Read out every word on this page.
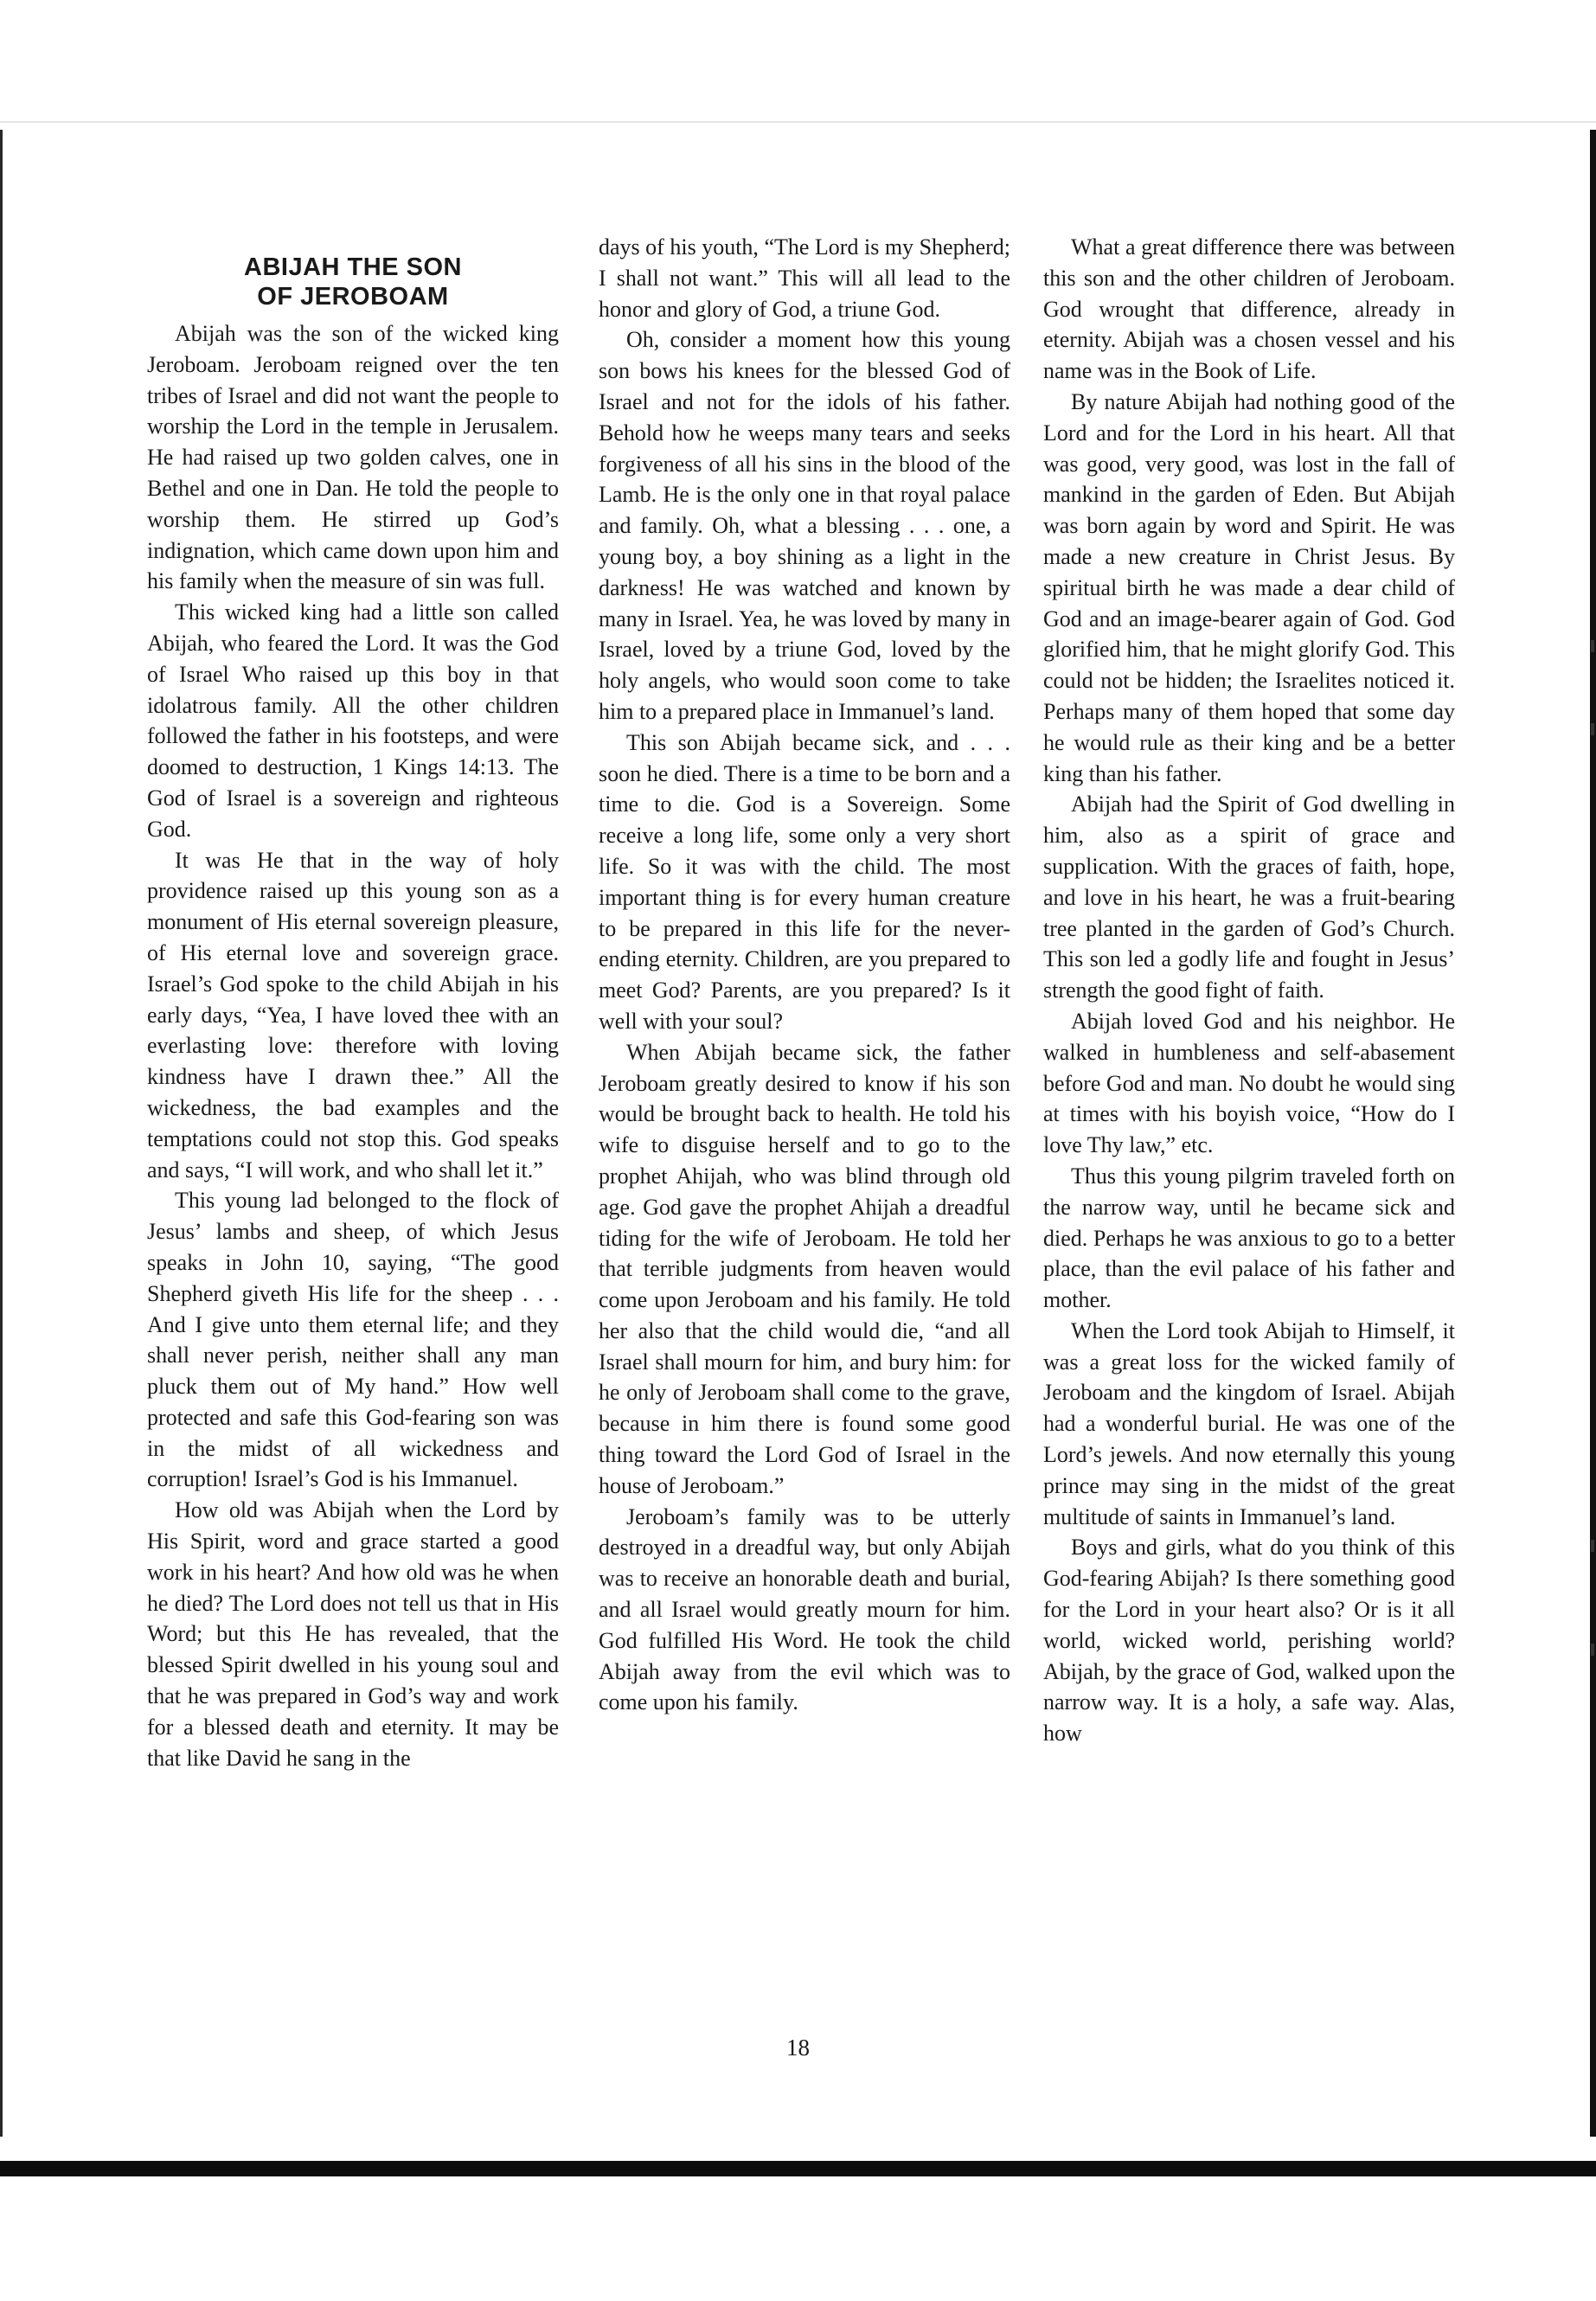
ABIJAH THE SON
OF JEROBOAM

Abijah was the son of the wicked king Jeroboam. Jeroboam reigned over the ten tribes of Israel and did not want the people to worship the Lord in the temple in Jerusalem. He had raised up two golden calves, one in Bethel and one in Dan. He told the people to worship them. He stirred up God’s indignation, which came down upon him and his family when the measure of sin was full.

This wicked king had a little son called Abijah, who feared the Lord. It was the God of Israel Who raised up this boy in that idolatrous family. All the other children followed the father in his footsteps, and were doomed to destruction, 1 Kings 14:13. The God of Israel is a sovereign and righteous God.

It was He that in the way of holy providence raised up this young son as a monument of His eternal sovereign pleasure, of His eternal love and sovereign grace. Israel’s God spoke to the child Abijah in his early days, “Yea, I have loved thee with an everlasting love: therefore with loving kindness have I drawn thee.” All the wickedness, the bad examples and the temptations could not stop this. God speaks and says, “I will work, and who shall let it.”

This young lad belonged to the flock of Jesus’ lambs and sheep, of which Jesus speaks in John 10, saying, “The good Shepherd giveth His life for the sheep . . . And I give unto them eternal life; and they shall never perish, neither shall any man pluck them out of My hand.” How well protected and safe this God-fearing son was in the midst of all wickedness and corruption! Israel’s God is his Immanuel.

How old was Abijah when the Lord by His Spirit, word and grace started a good work in his heart? And how old was he when he died? The Lord does not tell us that in His Word; but this He has revealed, that the blessed Spirit dwelled in his young soul and that he was prepared in God’s way and work for a blessed death and eternity. It may be that like David he sang in the

days of his youth, “The Lord is my Shepherd; I shall not want.” This will all lead to the honor and glory of God, a triune God.

Oh, consider a moment how this young son bows his knees for the blessed God of Israel and not for the idols of his father. Behold how he weeps many tears and seeks forgiveness of all his sins in the blood of the Lamb. He is the only one in that royal palace and family. Oh, what a blessing . . . one, a young boy, a boy shining as a light in the darkness! He was watched and known by many in Israel. Yea, he was loved by many in Israel, loved by a triune God, loved by the holy angels, who would soon come to take him to a prepared place in Immanuel’s land.

This son Abijah became sick, and . . . soon he died. There is a time to be born and a time to die. God is a Sovereign. Some receive a long life, some only a very short life. So it was with the child. The most important thing is for every human creature to be prepared in this life for the never-ending eternity. Children, are you prepared to meet God? Parents, are you prepared? Is it well with your soul?

When Abijah became sick, the father Jeroboam greatly desired to know if his son would be brought back to health. He told his wife to disguise herself and to go to the prophet Ahijah, who was blind through old age. God gave the prophet Ahijah a dreadful tiding for the wife of Jeroboam. He told her that terrible judgments from heaven would come upon Jeroboam and his family. He told her also that the child would die, “and all Israel shall mourn for him, and bury him: for he only of Jeroboam shall come to the grave, because in him there is found some good thing toward the Lord God of Israel in the house of Jeroboam.”

Jeroboam’s family was to be utterly destroyed in a dreadful way, but only Abijah was to receive an honorable death and burial, and all Israel would greatly mourn for him. God fulfilled His Word. He took the child Abijah away from the evil which was to come upon his family.

What a great difference there was between this son and the other children of Jeroboam. God wrought that difference, already in eternity. Abijah was a chosen vessel and his name was in the Book of Life.

By nature Abijah had nothing good of the Lord and for the Lord in his heart. All that was good, very good, was lost in the fall of mankind in the garden of Eden. But Abijah was born again by word and Spirit. He was made a new creature in Christ Jesus. By spiritual birth he was made a dear child of God and an image-bearer again of God. God glorified him, that he might glorify God. This could not be hidden; the Israelites noticed it. Perhaps many of them hoped that some day he would rule as their king and be a better king than his father.

Abijah had the Spirit of God dwelling in him, also as a spirit of grace and supplication. With the graces of faith, hope, and love in his heart, he was a fruit-bearing tree planted in the garden of God’s Church. This son led a godly life and fought in Jesus’ strength the good fight of faith.

Abijah loved God and his neighbor. He walked in humbleness and self-abasement before God and man. No doubt he would sing at times with his boyish voice, “How do I love Thy law,” etc.

Thus this young pilgrim traveled forth on the narrow way, until he became sick and died. Perhaps he was anxious to go to a better place, than the evil palace of his father and mother.

When the Lord took Abijah to Himself, it was a great loss for the wicked family of Jeroboam and the kingdom of Israel. Abijah had a wonderful burial. He was one of the Lord’s jewels. And now eternally this young prince may sing in the midst of the great multitude of saints in Immanuel’s land.

Boys and girls, what do you think of this God-fearing Abijah? Is there something good for the Lord in your heart also? Or is it all world, wicked world, perishing world? Abijah, by the grace of God, walked upon the narrow way. It is a holy, a safe way. Alas, how

18
